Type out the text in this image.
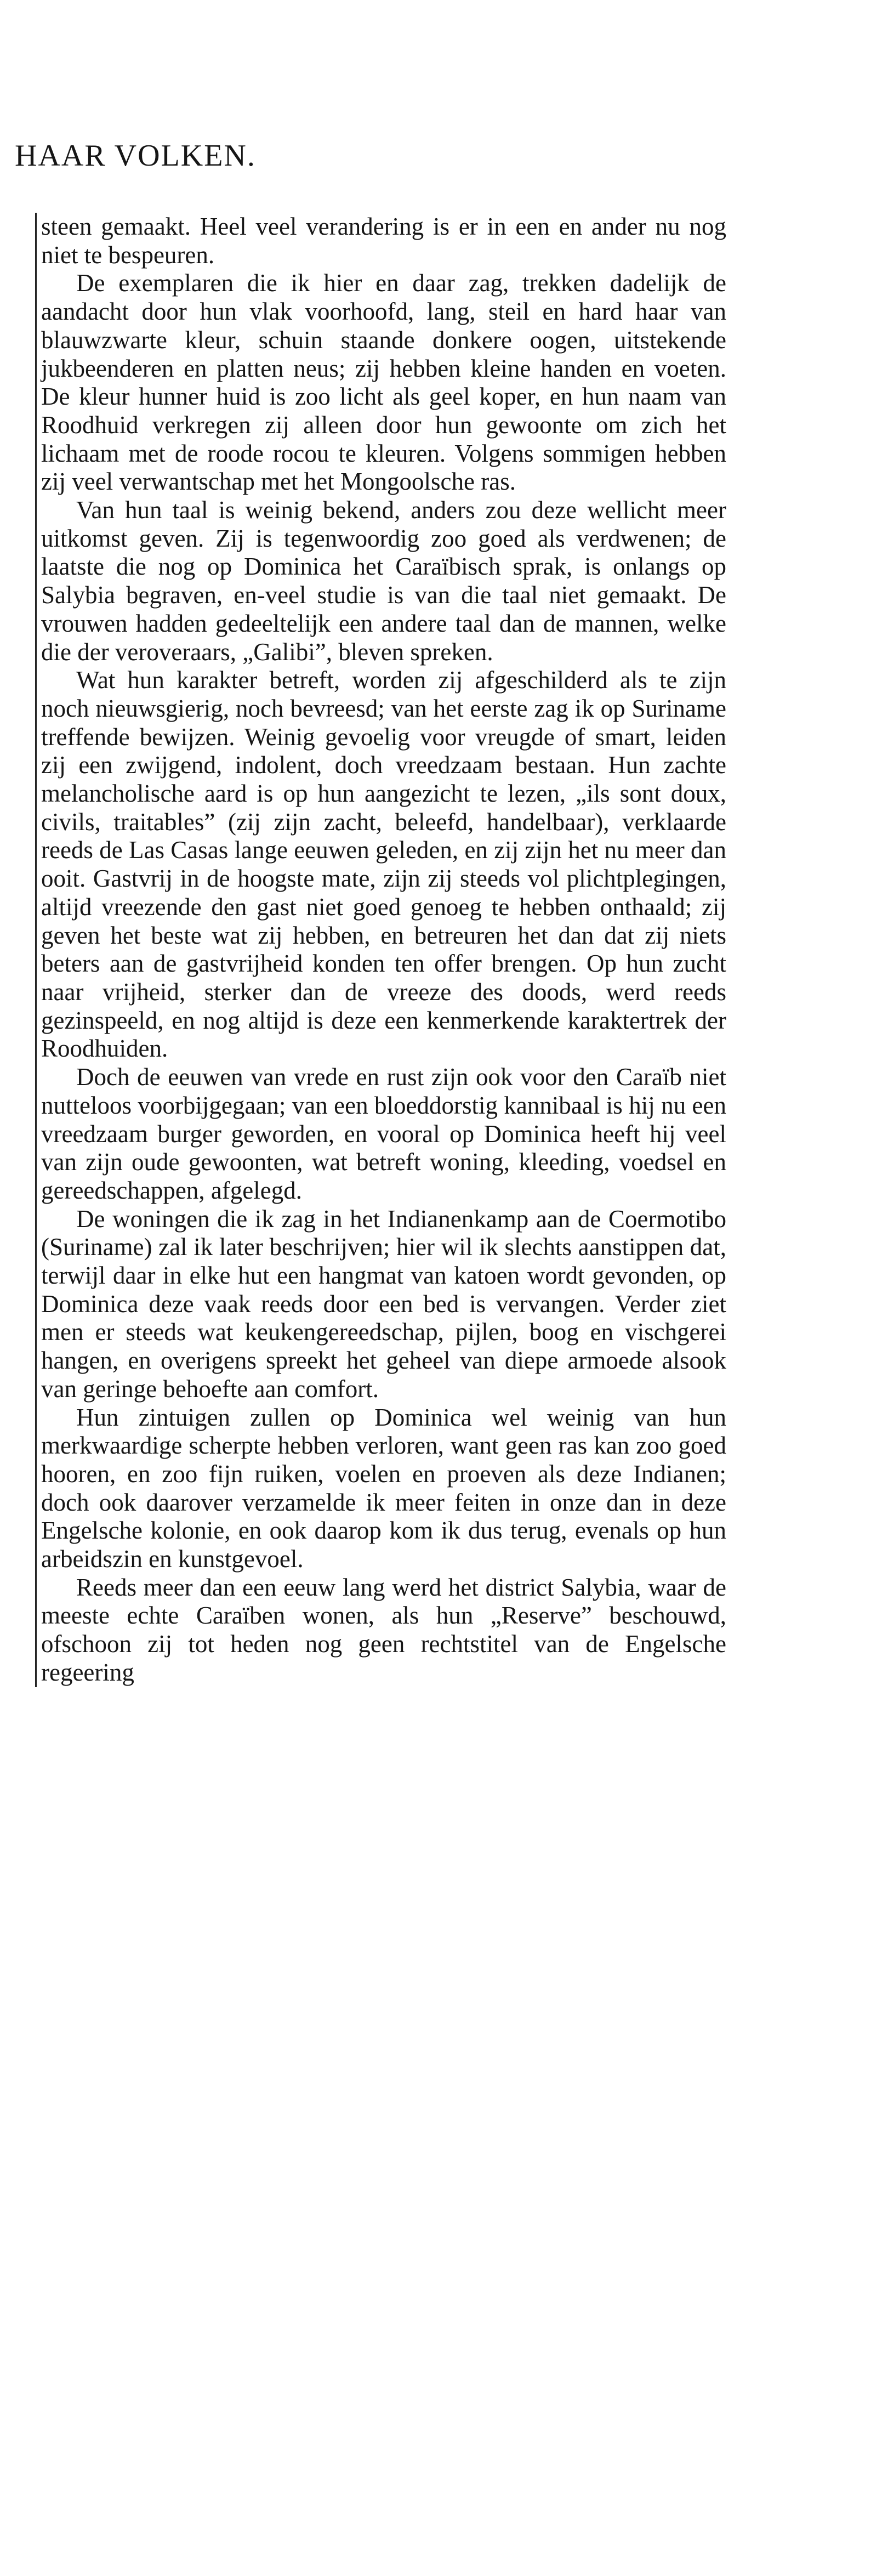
HAAR VOLKEN.

steen gemaakt. Heel veel verandering is er in een en ander nu nog niet te bespeuren.

De exemplaren die ik hier en daar zag, trekken dadelijk de aandacht door hun vlak voorhoofd, lang, steil en hard haar van blauwzwarte kleur, schuin staande donkere oogen, uitstekende jukbeenderen en platten neus; zij hebben kleine handen en voeten. De kleur hunner huid is zoo licht als geel koper, en hun naam van Roodhuid verkregen zij alleen door hun gewoonte om zich het lichaam met de roode rocou te kleuren. Volgens sommigen hebben zij veel verwantschap met het Mongoolsche ras.

Van hun taal is weinig bekend, anders zou deze wellicht meer uitkomst geven. Zij is tegenwoordig zoo goed als verdwenen; de laatste die nog op Dominica het Caraïbisch sprak, is onlangs op Salybia begraven, en-veel studie is van die taal niet gemaakt. De vrouwen hadden gedeeltelijk een andere taal dan de mannen, welke die der veroveraars, „Galibi”, bleven spreken.

Wat hun karakter betreft, worden zij afgeschilderd als te zijn noch nieuwsgierig, noch bevreesd; van het eerste zag ik op Suriname treffende bewijzen. Weinig gevoelig voor vreugde of smart, leiden zij een zwijgend, indolent, doch vreedzaam bestaan. Hun zachte melancholische aard is op hun aangezicht te lezen, „ils sont doux, civils, traitables” (zij zijn zacht, beleefd, handelbaar), verklaarde reeds de Las Casas lange eeuwen geleden, en zij zijn het nu meer dan ooit. Gastvrij in de hoogste mate, zijn zij steeds vol plichtplegingen, altijd vreezende den gast niet goed genoeg te hebben onthaald; zij geven het beste wat zij hebben, en betreuren het dan dat zij niets beters aan de gastvrijheid konden ten offer brengen. Op hun zucht naar vrijheid, sterker dan de vreeze des doods, werd reeds gezinspeeld, en nog altijd is deze een kenmerkende karaktertrek der Roodhuiden.

Doch de eeuwen van vrede en rust zijn ook voor den Caraïb niet nutteloos voorbijgegaan; van een bloeddorstig kannibaal is hij nu een vreedzaam burger geworden, en vooral op Dominica heeft hij veel van zijn oude gewoonten, wat betreft woning, kleeding, voedsel en gereedschappen, afgelegd.

De woningen die ik zag in het Indianenkamp aan de Coermotibo (Suriname) zal ik later beschrijven; hier wil ik slechts aanstippen dat, terwijl daar in elke hut een hangmat van katoen wordt gevonden, op Dominica deze vaak reeds door een bed is vervangen. Verder ziet men er steeds wat keukengereedschap, pijlen, boog en vischgerei hangen, en overigens spreekt het geheel van diepe armoede alsook van geringe behoefte aan comfort.

Hun zintuigen zullen op Dominica wel weinig van hun merkwaardige scherpte hebben verloren, want geen ras kan zoo goed hooren, en zoo fijn ruiken, voelen en proeven als deze Indianen; doch ook daarover verzamelde ik meer feiten in onze dan in deze Engelsche kolonie, en ook daarop kom ik dus terug, evenals op hun arbeidszin en kunstgevoel.

Reeds meer dan een eeuw lang werd het district Salybia, waar de meeste echte Caraïben wonen, als hun „Reserve” beschouwd, ofschoon zij tot heden nog geen rechtstitel van de Engelsche regeering
